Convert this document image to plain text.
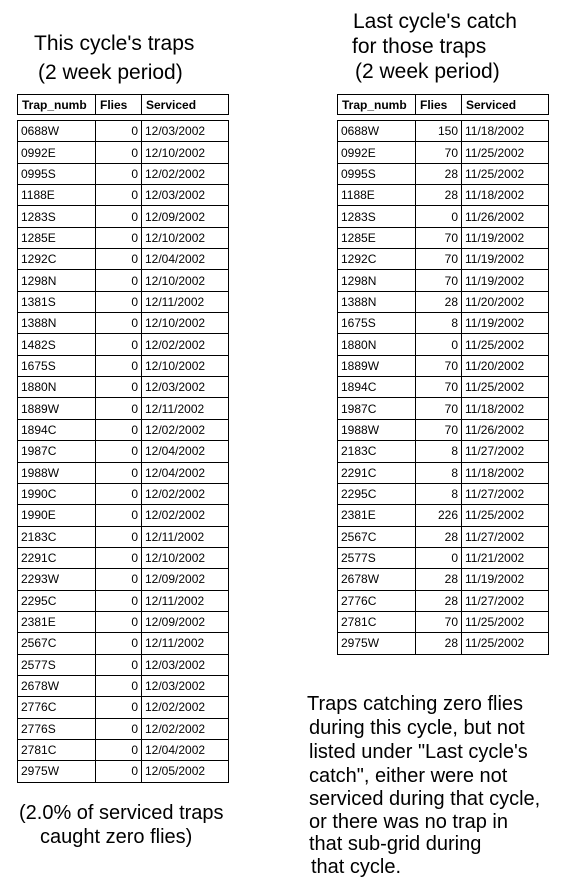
This cycle's traps
(2 week period)
Last cycle's catch
for those traps
(2 week period)
Trap_numb	Flies	Serviced
0688W	0	12/03/2002
0992E	0	12/10/2002
0995S	0	12/02/2002
1188E	0	12/03/2002
1283S	0	12/09/2002
1285E	0	12/10/2002
1292C	0	12/04/2002
1298N	0	12/10/2002
1381S	0	12/11/2002
1388N	0	12/10/2002
1482S	0	12/02/2002
1675S	0	12/10/2002
1880N	0	12/03/2002
1889W	0	12/11/2002
1894C	0	12/02/2002
1987C	0	12/04/2002
1988W	0	12/04/2002
1990C	0	12/02/2002
1990E	0	12/02/2002
2183C	0	12/11/2002
2291C	0	12/10/2002
2293W	0	12/09/2002
2295C	0	12/11/2002
2381E	0	12/09/2002
2567C	0	12/11/2002
2577S	0	12/03/2002
2678W	0	12/03/2002
2776C	0	12/02/2002
2776S	0	12/02/2002
2781C	0	12/04/2002
2975W	0	12/05/2002
Trap_numb	Flies	Serviced
0688W	150	11/18/2002
0992E	70	11/25/2002
0995S	28	11/25/2002
1188E	28	11/18/2002
1283S	0	11/26/2002
1285E	70	11/19/2002
1292C	70	11/19/2002
1298N	70	11/19/2002
1388N	28	11/20/2002
1675S	8	11/19/2002
1880N	0	11/25/2002
1889W	70	11/20/2002
1894C	70	11/25/2002
1987C	70	11/18/2002
1988W	70	11/26/2002
2183C	8	11/27/2002
2291C	8	11/18/2002
2295C	8	11/27/2002
2381E	226	11/25/2002
2567C	28	11/27/2002
2577S	0	11/21/2002
2678W	28	11/19/2002
2776C	28	11/27/2002
2781C	70	11/25/2002
2975W	28	11/25/2002
(2.0% of serviced traps
caught zero flies)
Traps catching zero flies
during this cycle, but not
listed under "Last cycle's
catch", either were not
serviced during that cycle,
or there was no trap in
that sub-grid during
that cycle.
